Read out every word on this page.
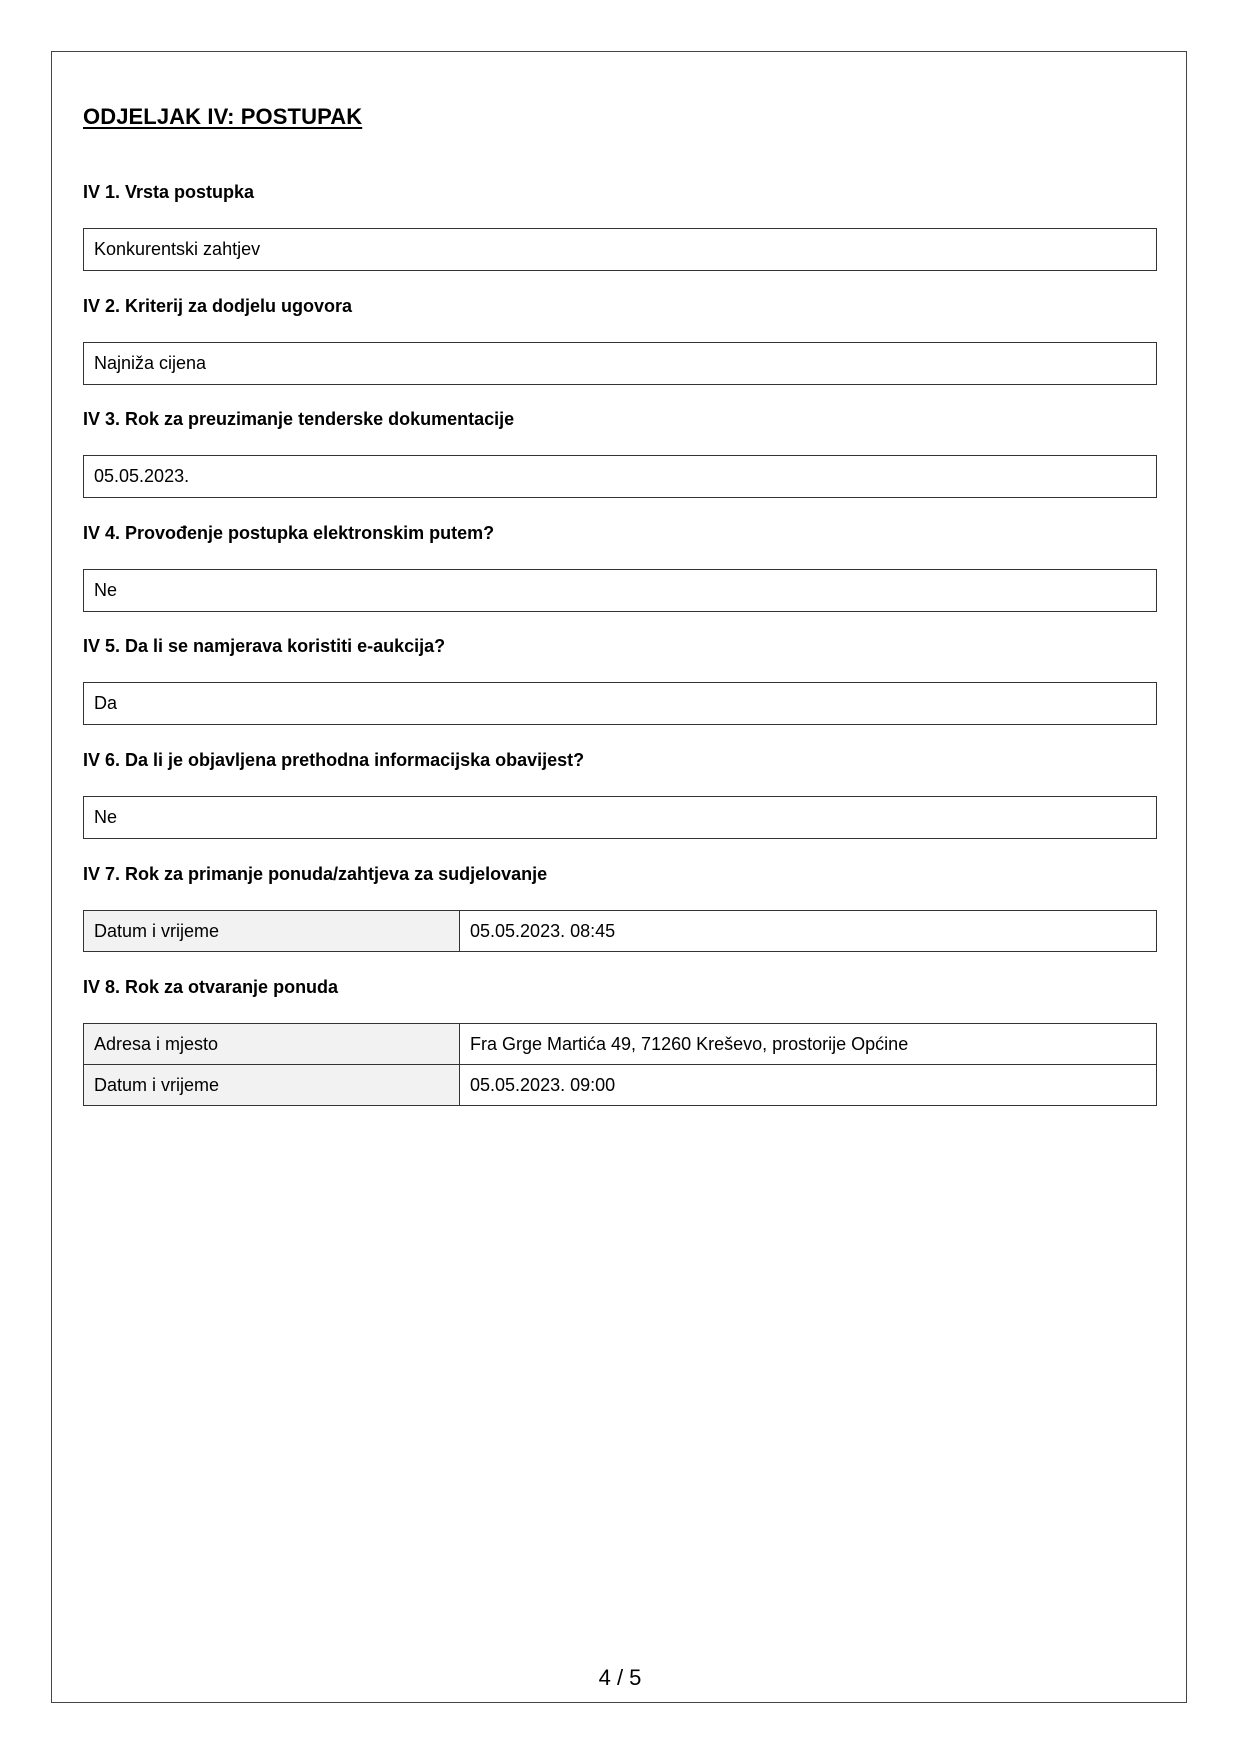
ODJELJAK IV: POSTUPAK
IV 1. Vrsta postupka
Konkurentski zahtjev
IV 2. Kriterij za dodjelu ugovora
Najniža cijena
IV 3. Rok za preuzimanje tenderske dokumentacije
05.05.2023.
IV 4. Provođenje postupka elektronskim putem?
Ne
IV 5. Da li se namjerava koristiti e-aukcija?
Da
IV 6. Da li je objavljena prethodna informacijska obavijest?
Ne
IV 7. Rok za primanje ponuda/zahtjeva za sudjelovanje
Datum i vrijeme	05.05.2023. 08:45
IV 8. Rok za otvaranje ponuda
Adresa i mjesto	Fra Grge Martića 49, 71260 Kreševo, prostorije Općine
Datum i vrijeme	05.05.2023. 09:00
4 / 5
